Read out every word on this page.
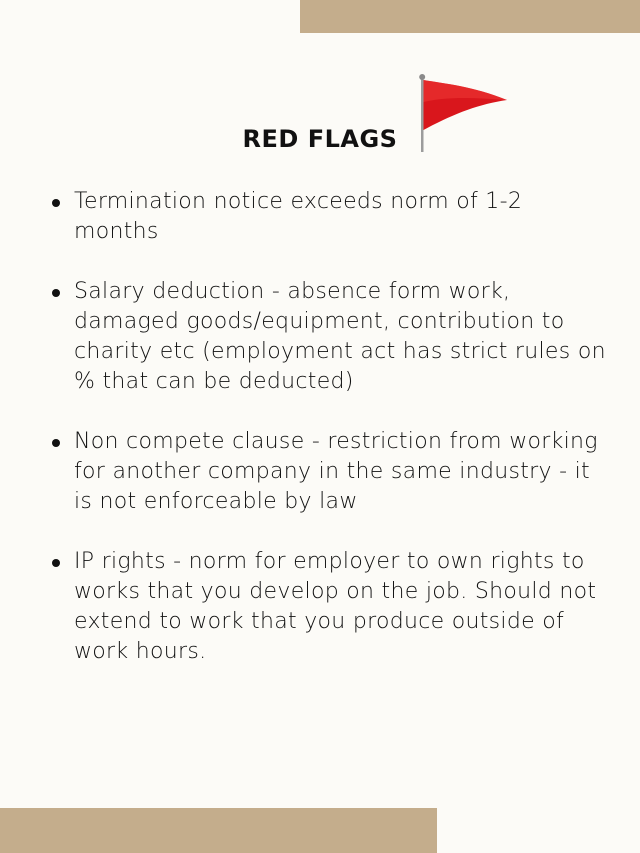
RED FLAGS
Termination notice exceeds norm of 1-2 months
Salary deduction - absence form work, damaged goods/equipment, contribution to charity etc (employment act has strict rules on % that can be deducted)
Non compete clause - restriction from working for another company in the same industry - it is not enforceable by law
IP rights - norm for employer to own rights to works that you develop on the job. Should not extend to work that you produce outside of work hours.
